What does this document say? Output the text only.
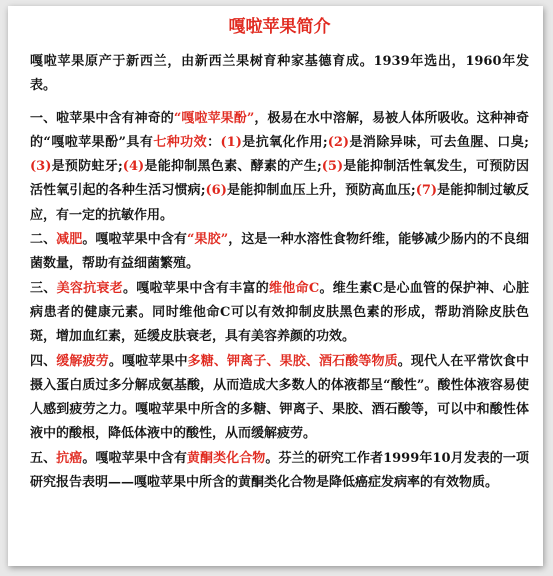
嘎啦苹果简介

嘎啦苹果原产于新西兰，由新西兰果树育种家基德育成。1939年选出，1960年发表。

一、啦苹果中含有神奇的“嘎啦苹果酚”，极易在水中溶解，易被人体所吸收。这种神奇的“嘎啦苹果酚”具有七种功效：(1)是抗氧化作用;(2)是消除异味，可去鱼腥、口臭;(3)是预防蛀牙;(4)是能抑制黑色素、酵素的产生;(5)是能抑制活性氧发生，可预防因活性氧引起的各种生活习惯病;(6)是能抑制血压上升，预防高血压;(7)是能抑制过敏反应，有一定的抗敏作用。

二、减肥。嘎啦苹果中含有“果胶”，这是一种水溶性食物纤维，能够减少肠内的不良细菌数量，帮助有益细菌繁殖。

三、美容抗衰老。嘎啦苹果中含有丰富的维他命C。维生素C是心血管的保护神、心脏病患者的健康元素。同时维他命C可以有效抑制皮肤黑色素的形成，帮助消除皮肤色斑，增加血红素，延缓皮肤衰老，具有美容养颜的功效。

四、缓解疲劳。嘎啦苹果中多糖、钾离子、果胶、酒石酸等物质。现代人在平常饮食中摄入蛋白质过多分解成氨基酸，从而造成大多数人的体液都呈“酸性”。酸性体液容易使人感到疲劳之力。嘎啦苹果中所含的多糖、钾离子、果胶、酒石酸等，可以中和酸性体液中的酸根，降低体液中的酸性，从而缓解疲劳。

五、抗癌。嘎啦苹果中含有黄酮类化合物。芬兰的研究工作者1999年10月发表的一项研究报告表明——嘎啦苹果中所含的黄酮类化合物是降低癌症发病率的有效物质。
